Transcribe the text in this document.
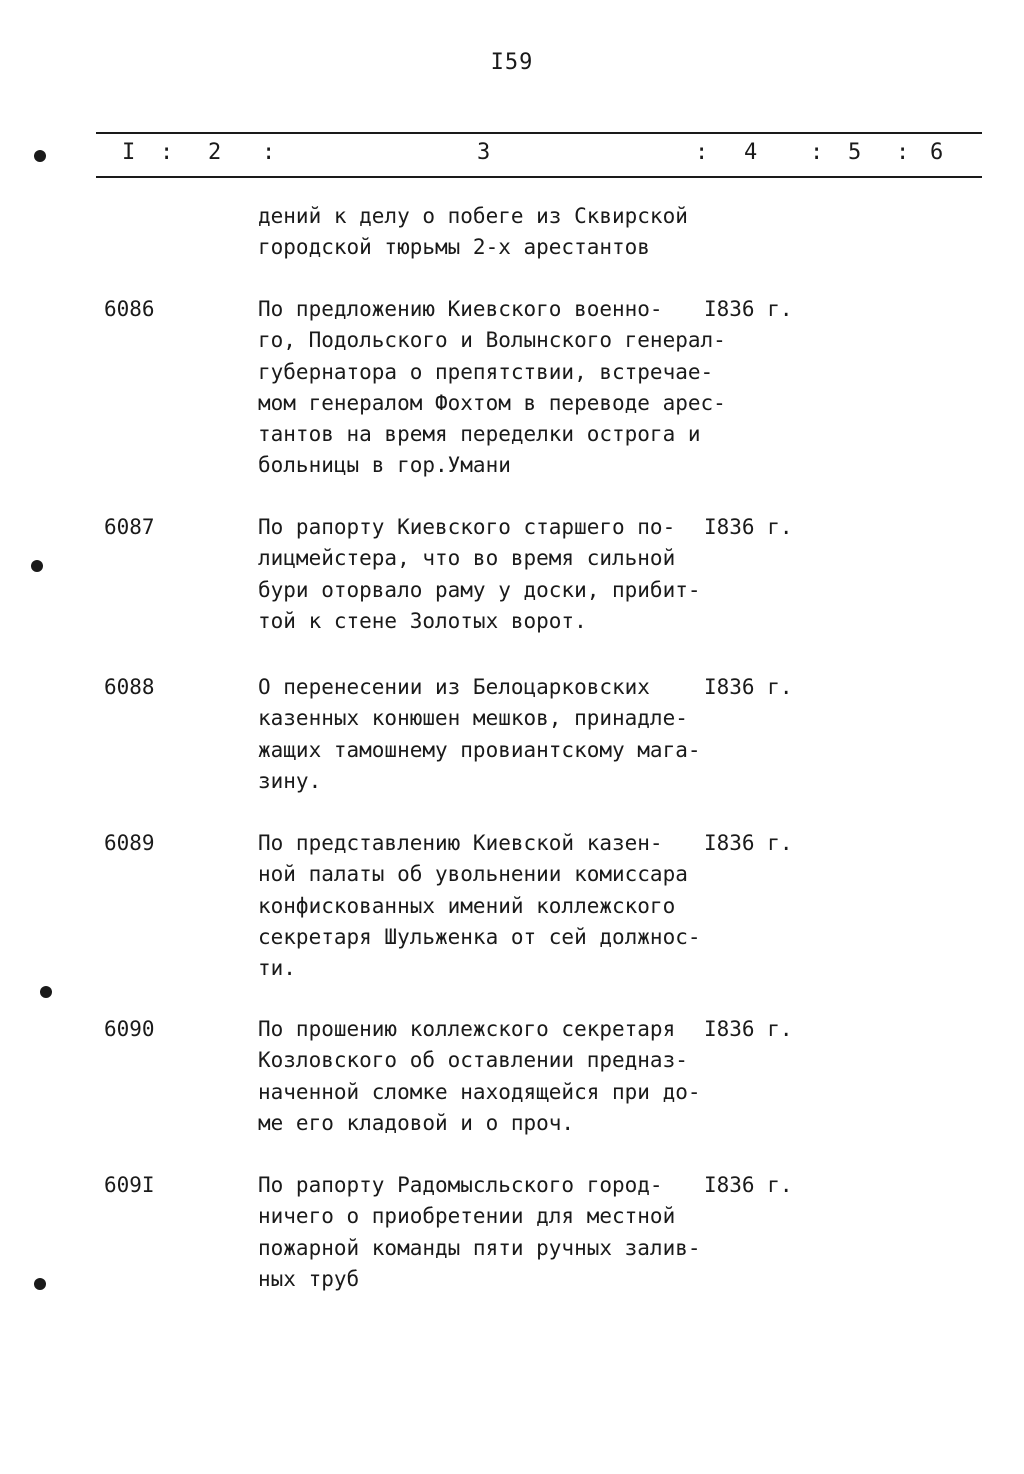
I59
I : 2 :	3	: 4 : 5 : 6
дений к делу о побеге из Сквирской
городской тюрьмы 2-х арестантов
6086	По предложению Киевского военно-
го, Подольского и Волынского генерал-
губернатора о препятствии, встречае-
мом генералом Фохтом в переводе арес-
тантов на время переделки острога и
больницы в гор.Умани
I836 г.
6087	По рапорту Киевского старшего по-
лицмейстера, что во время сильной
бури оторвало раму у доски, прибит-
той к стене Золотых ворот.
I836 г.
6088	О перенесении из Белоцарковских
казенных конюшен мешков, принадле-
жащих тамошнему провиантскому мага-
зину.
I836 г.
6089	По представлению Киевской казен-
ной палаты об увольнении комиссара
конфискованных имений коллежского
секретаря Шульженка от сей должнос-
ти.
I836 г.
6090	По прошению коллежского секретаря
Козловского об оставлении предназ-
наченной сломке находящейся при до-
ме его кладовой и о проч.
I836 г.
609I	По рапорту Радомысльского город-
ничего о приобретении для местной
пожарной команды пяти ручных залив-
ных труб
I836 г.
